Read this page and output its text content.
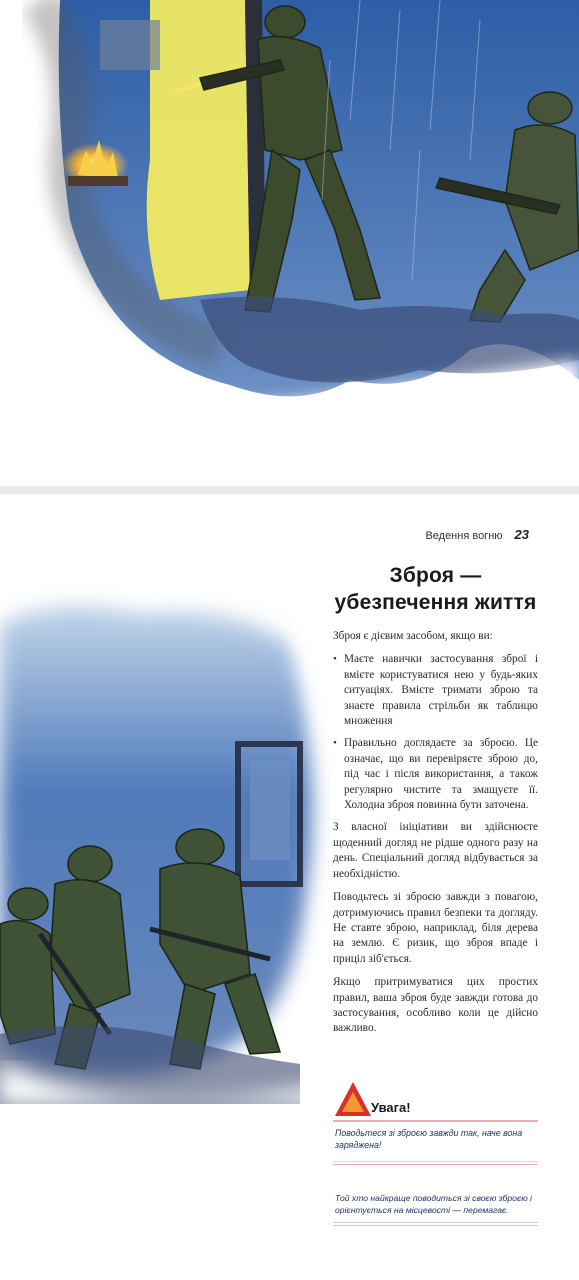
Ведення вогню 23
Зброя —
убезпечення життя

Зброя є дієвим засобом, якщо ви:

• Маєте навички застосування зброї і вмієте користуватися нею у будь-яких ситуаціях. Вмієте тримати зброю та знаєте правила стрільби як таблицю множення
• Правильно доглядаєте за зброєю. Це означає, що ви перевіряєте зброю до, під час і після використання, а також регулярно чистите та змащуєте її. Холодна зброя повинна бути заточена.

З власної ініціативи ви здійснюєте щоденний догляд не рідше одного разу на день. Спеціальний догляд відбувається за необхідністю.

Поводьтесь зі зброєю завжди з повагою, дотримуючись правил безпеки та догляду. Не ставте зброю, наприклад, біля дерева на землю. Є ризик, що зброя впаде і приціл зіб'ється.

Якщо притримуватися цих простих правил, ваша зброя буде завжди готова до застосування, особливо коли це дійсно важливо.

Увага!

Поводьтеся зі зброєю завжди так, наче вона заряджена!

Той хто найкраще поводиться зі своєю зброєю і орієнтується на місцевості — перемагає.
